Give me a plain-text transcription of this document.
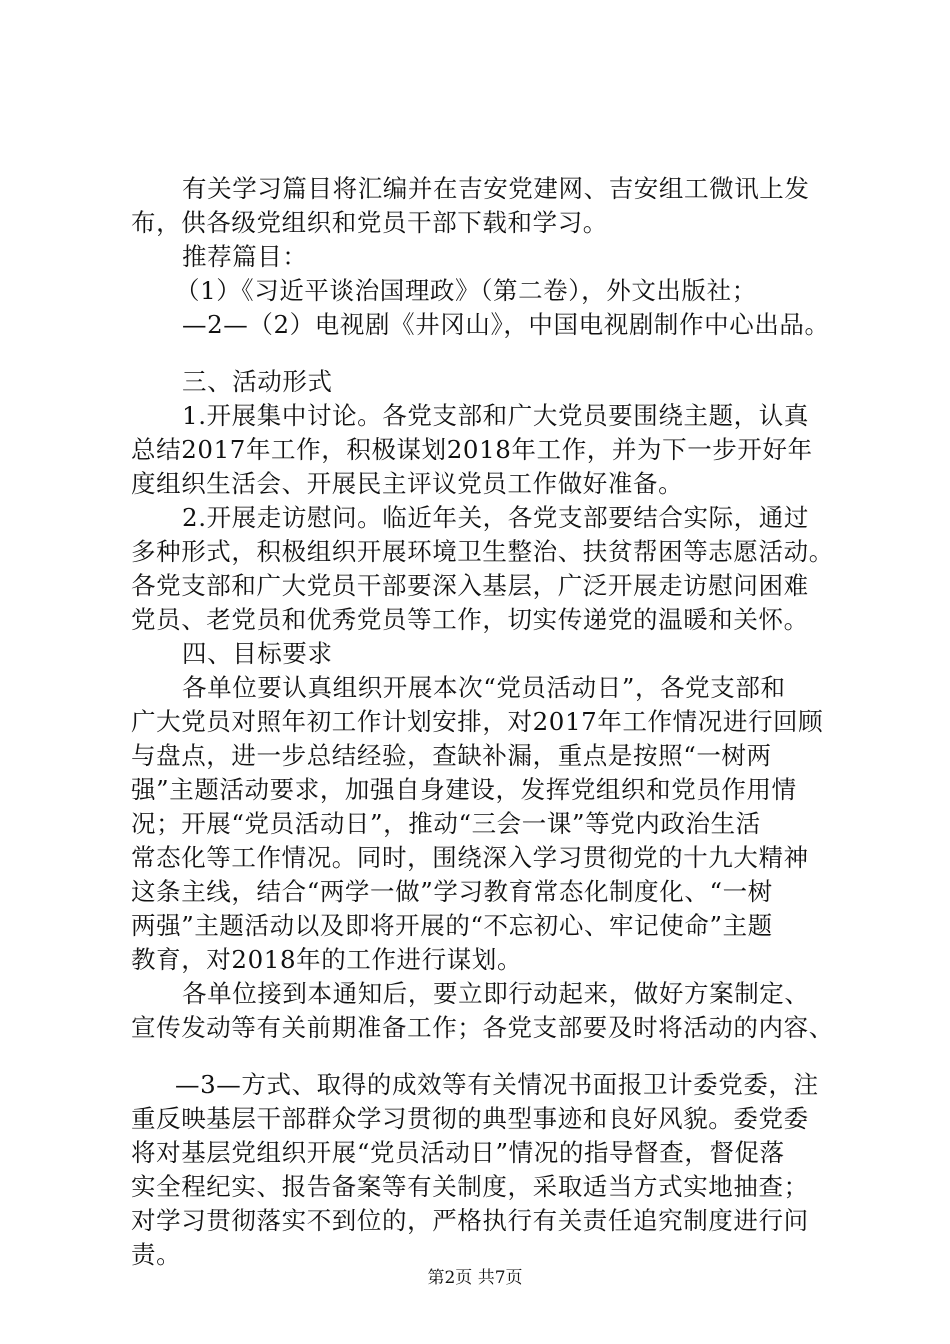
有关学习篇目将汇编并在吉安党建网、吉安组工微讯上发
布，供各级党组织和党员干部下载和学习。
推荐篇目：
（1）《习近平谈治国理政》（第二卷），外文出版社；
—2—（2）电视剧《井冈山》，中国电视剧制作中心出品。
三、活动形式
1.开展集中讨论。各党支部和广大党员要围绕主题，认真
总结2017年工作，积极谋划2018年工作，并为下一步开好年
度组织生活会、开展民主评议党员工作做好准备。
2.开展走访慰问。临近年关，各党支部要结合实际，通过
多种形式，积极组织开展环境卫生整治、扶贫帮困等志愿活动。
各党支部和广大党员干部要深入基层，广泛开展走访慰问困难
党员、老党员和优秀党员等工作，切实传递党的温暖和关怀。
四、目标要求
各单位要认真组织开展本次“党员活动日”，各党支部和
广大党员对照年初工作计划安排，对2017年工作情况进行回顾
与盘点，进一步总结经验，查缺补漏，重点是按照“一树两
强”主题活动要求，加强自身建设，发挥党组织和党员作用情
况；开展“党员活动日”，推动“三会一课”等党内政治生活
常态化等工作情况。同时，围绕深入学习贯彻党的十九大精神
这条主线，结合“两学一做”学习教育常态化制度化、“一树
两强”主题活动以及即将开展的“不忘初心、牢记使命”主题
教育，对2018年的工作进行谋划。
各单位接到本通知后，要立即行动起来，做好方案制定、
宣传发动等有关前期准备工作；各党支部要及时将活动的内容、
—3—方式、取得的成效等有关情况书面报卫计委党委，注
重反映基层干部群众学习贯彻的典型事迹和良好风貌。委党委
将对基层党组织开展“党员活动日”情况的指导督查，督促落
实全程纪实、报告备案等有关制度，采取适当方式实地抽查；
对学习贯彻落实不到位的，严格执行有关责任追究制度进行问
责。
第2页 共7页
